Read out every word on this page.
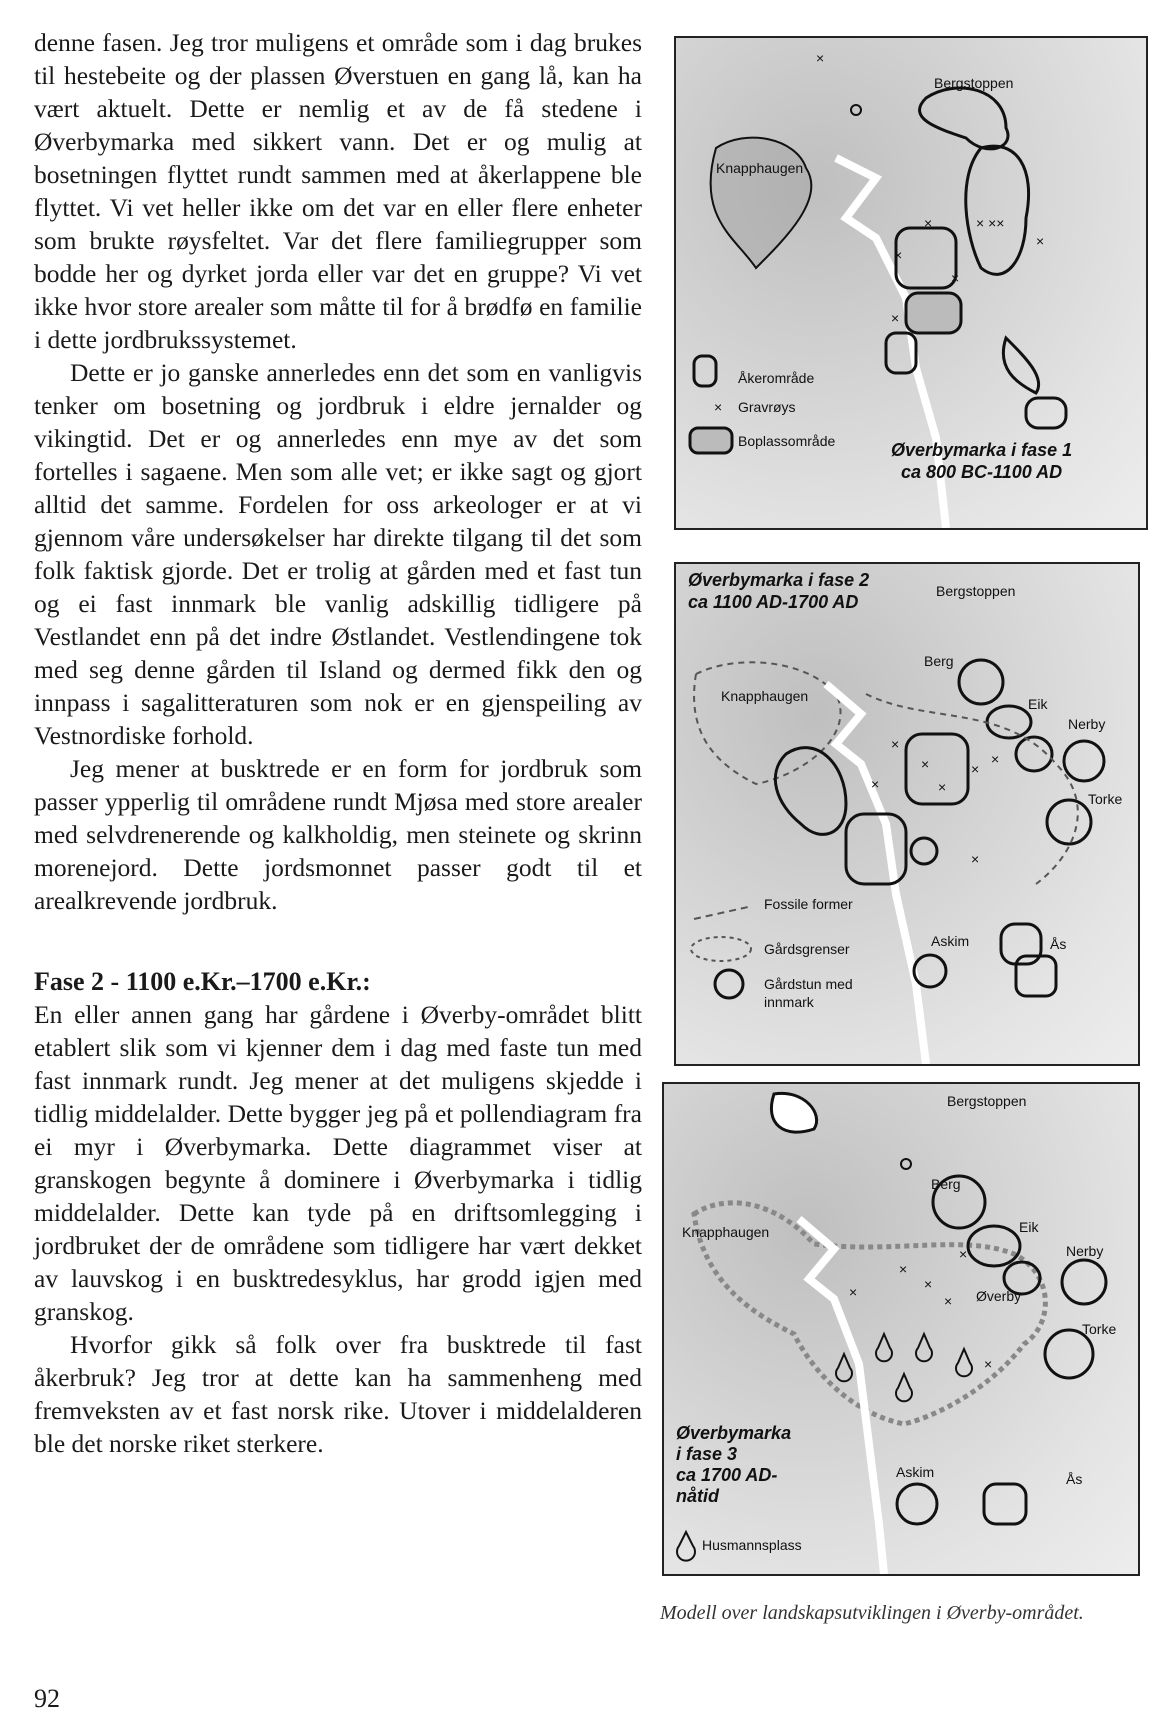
denne fasen. Jeg tror muligens et område som i dag brukes til hestebeite og der plassen Øverstuen en gang lå, kan ha vært aktuelt. Dette er nemlig et av de få stedene i Øverbymarka med sikkert vann. Det er og mulig at bosetningen flyttet rundt sammen med at åkerlappene ble flyttet. Vi vet heller ikke om det var en eller flere enheter som brukte røysfeltet. Var det flere familiegrupper som bodde her og dyrket jorda eller var det en gruppe? Vi vet ikke hvor store arealer som måtte til for å brødfø en familie i dette jordbrukssystemet.

Dette er jo ganske annerledes enn det som en vanligvis tenker om bosetning og jordbruk i eldre jernalder og vikingtid. Det er og annerledes enn mye av det som fortelles i sagaene. Men som alle vet; er ikke sagt og gjort alltid det samme. Fordelen for oss arkeologer er at vi gjennom våre undersøkelser har direkte tilgang til det som folk faktisk gjorde. Det er trolig at gården med et fast tun og ei fast innmark ble vanlig adskillig tidligere på Vestlandet enn på det indre Østlandet. Vestlendingene tok med seg denne gården til Island og dermed fikk den og innpass i sagalitteraturen som nok er en gjenspeiling av Vestnordiske forhold.

Jeg mener at busktrede er en form for jordbruk som passer ypperlig til områdene rundt Mjøsa med store arealer med selvdrenerende og kalkholdig, men steinete og skrinn morenejord. Dette jordsmonnet passer godt til et arealkrevende jordbruk.

Fase 2 - 1100 e.Kr.–1700 e.Kr.:

En eller annen gang har gårdene i Øverby-området blitt etablert slik som vi kjenner dem i dag med faste tun med fast innmark rundt. Jeg mener at det muligens skjedde i tidlig middelalder. Dette bygger jeg på et pollendiagram fra ei myr i Øverbymarka. Dette diagrammet viser at granskogen begynte å dominere i Øverbymarka i tidlig middelalder. Dette kan tyde på en driftsomlegging i jordbruket der de områdene som tidligere har vært dekket av lauvskog i en busktredesyklus, har grodd igjen med granskog.

Hvorfor gikk så folk over fra busktrede til fast åkerbruk? Jeg tror at dette kan ha sammenheng med fremveksten av et fast norsk rike. Utover i middelalderen ble det norske riket sterkere.

92
×
×	× ××
×
×
×
×
Bergstoppen
Knapphaugen
Åkerområde
× Gravrøys
Boplassområde	Øverbymarka i fase 1
ca 800 BC-1100 AD
×
×
×	×
×
×
×
Bergstoppen
Knapphaugen
Berg
Eik
Nerby
Torke
Askim	Ås
Fossile former
Gårdsgrenser
Gårdstun med
innmark
Øverbymarka i fase 2
ca 1100 AD-1700 AD
×
×
×
×
×
×
Bergstoppen
Knapphaugen
Berg
Eik
Nerby
Øverby
Torke
Askim	Ås
Øverbymarka
i fase 3
ca 1700 AD-
nåtid
Husmannsplass
Modell over landskapsutviklingen i Øverby-området.
